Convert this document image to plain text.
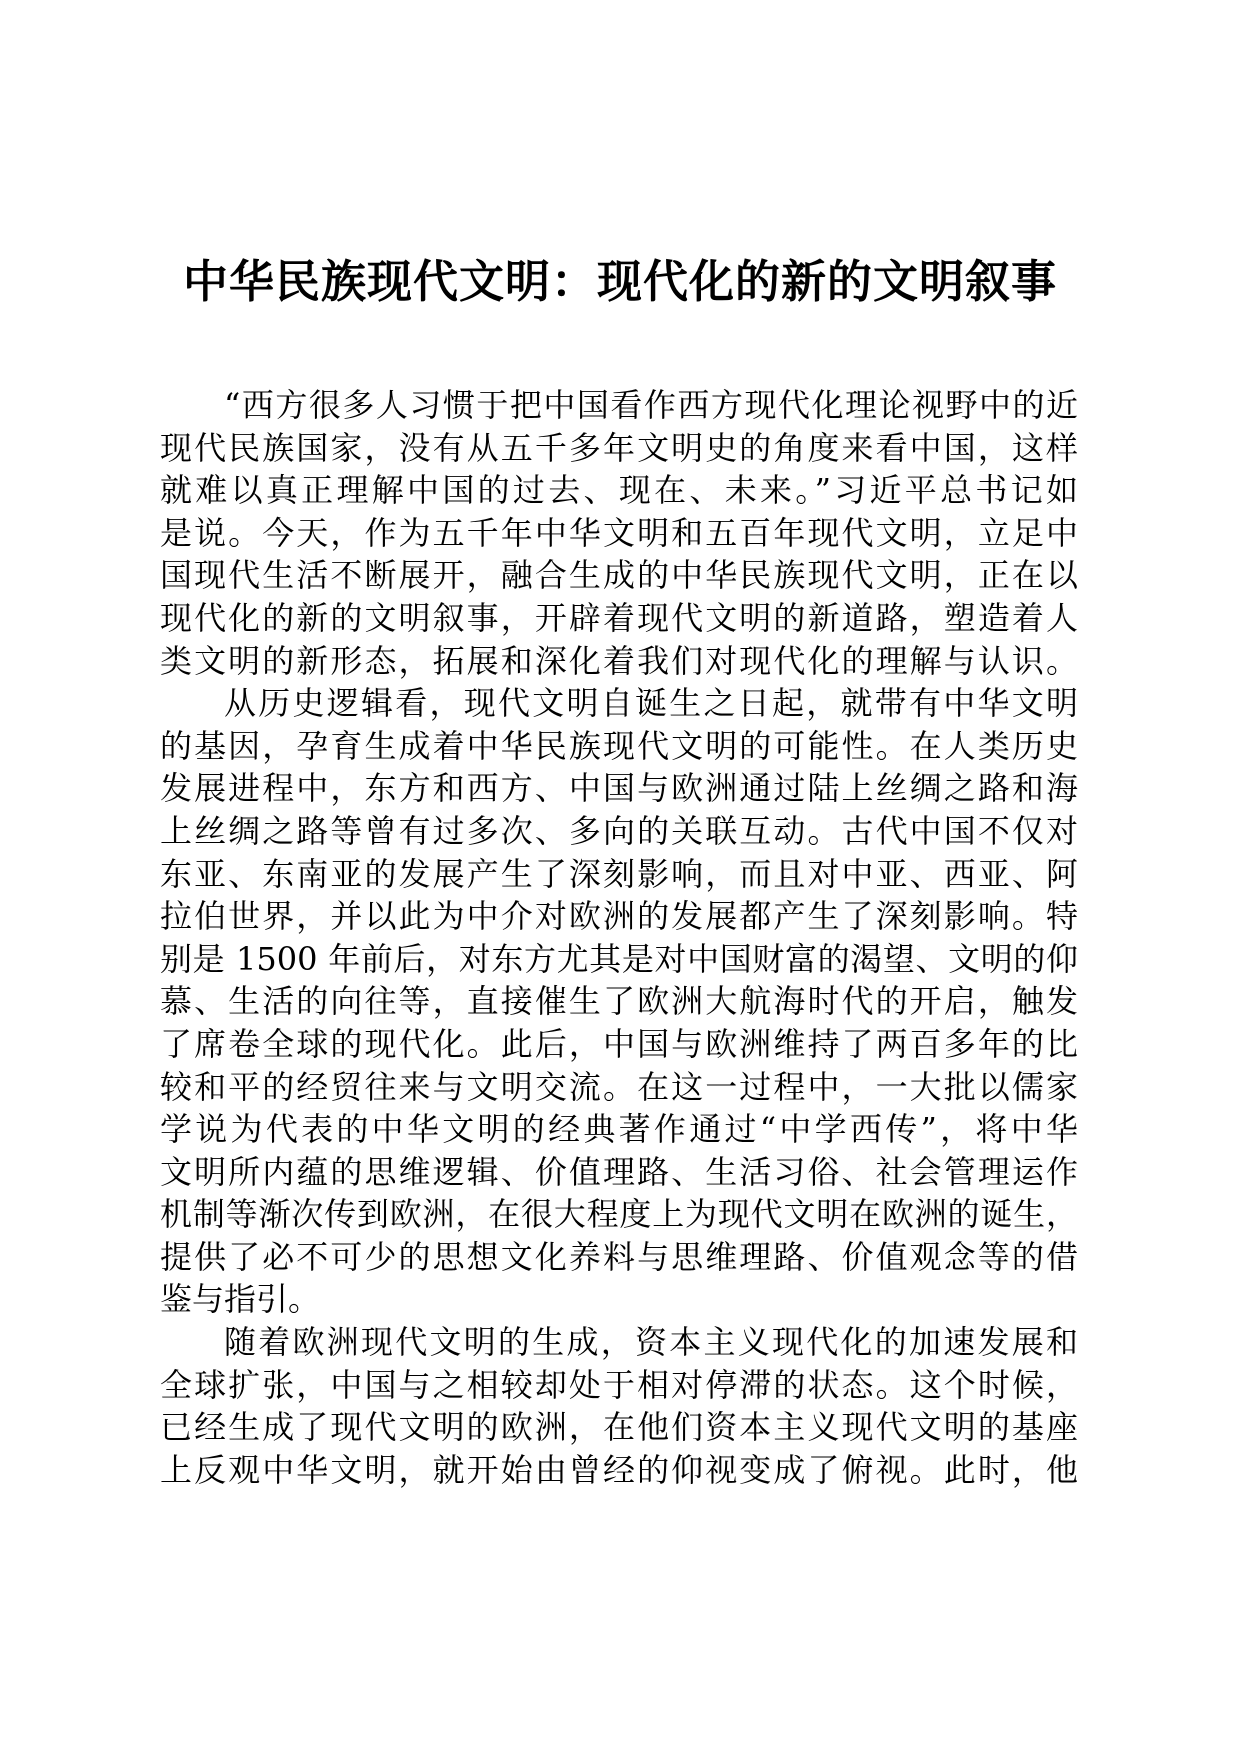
中华民族现代文明：现代化的新的文明叙事
“西方很多人习惯于把中国看作西方现代化理论视野中的近
现代民族国家，没有从五千多年文明史的角度来看中国，这样
就难以真正理解中国的过去、现在、未来。”习近平总书记如
是说。今天，作为五千年中华文明和五百年现代文明，立足中
国现代生活不断展开，融合生成的中华民族现代文明，正在以
现代化的新的文明叙事，开辟着现代文明的新道路，塑造着人
类文明的新形态，拓展和深化着我们对现代化的理解与认识。
从历史逻辑看，现代文明自诞生之日起，就带有中华文明
的基因，孕育生成着中华民族现代文明的可能性。在人类历史
发展进程中，东方和西方、中国与欧洲通过陆上丝绸之路和海
上丝绸之路等曾有过多次、多向的关联互动。古代中国不仅对
东亚、东南亚的发展产生了深刻影响，而且对中亚、西亚、阿
拉伯世界，并以此为中介对欧洲的发展都产生了深刻影响。特
别是 1500 年前后，对东方尤其是对中国财富的渴望、文明的仰
慕、生活的向往等，直接催生了欧洲大航海时代的开启，触发
了席卷全球的现代化。此后，中国与欧洲维持了两百多年的比
较和平的经贸往来与文明交流。在这一过程中，一大批以儒家
学说为代表的中华文明的经典著作通过“中学西传”，将中华
文明所内蕴的思维逻辑、价值理路、生活习俗、社会管理运作
机制等渐次传到欧洲，在很大程度上为现代文明在欧洲的诞生，
提供了必不可少的思想文化养料与思维理路、价值观念等的借
鉴与指引。
随着欧洲现代文明的生成，资本主义现代化的加速发展和
全球扩张，中国与之相较却处于相对停滞的状态。这个时候，
已经生成了现代文明的欧洲，在他们资本主义现代文明的基座
上反观中华文明，就开始由曾经的仰视变成了俯视。此时，他
